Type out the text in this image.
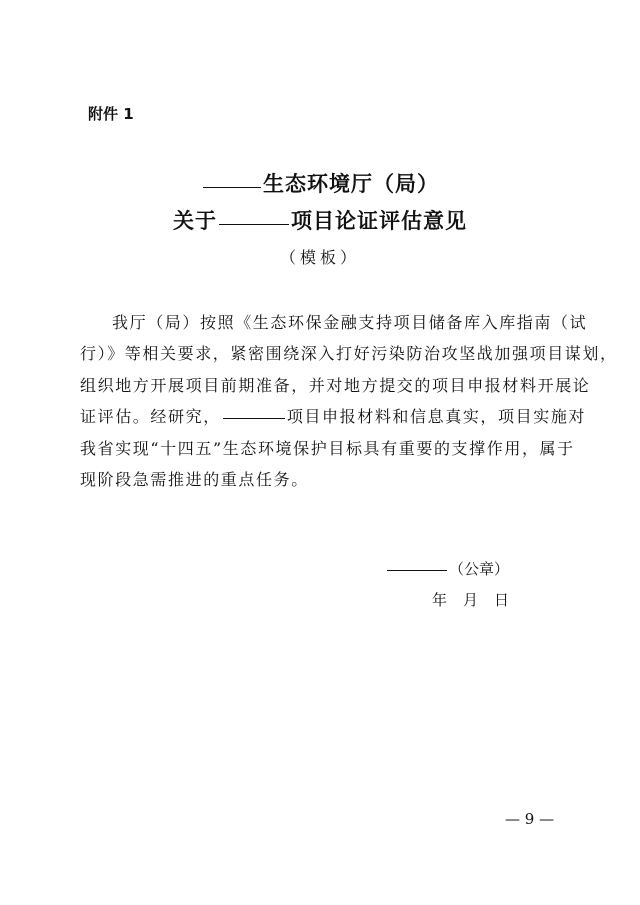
附件 1
生态环境厅（局）
关于	项目论证评估意见
（模板）
我厅（局）按照《生态环保金融支持项目储备库入库指南（试
行）》等相关要求，紧密围绕深入打好污染防治攻坚战加强项目谋划，
组织地方开展项目前期准备，并对地方提交的项目申报材料开展论
证评估。经研究，	项目申报材料和信息真实，项目实施对
我省实现“十四五”生态环境保护目标具有重要的支撑作用，属于
现阶段急需推进的重点任务。
（公章）
年月日
— 9 —
